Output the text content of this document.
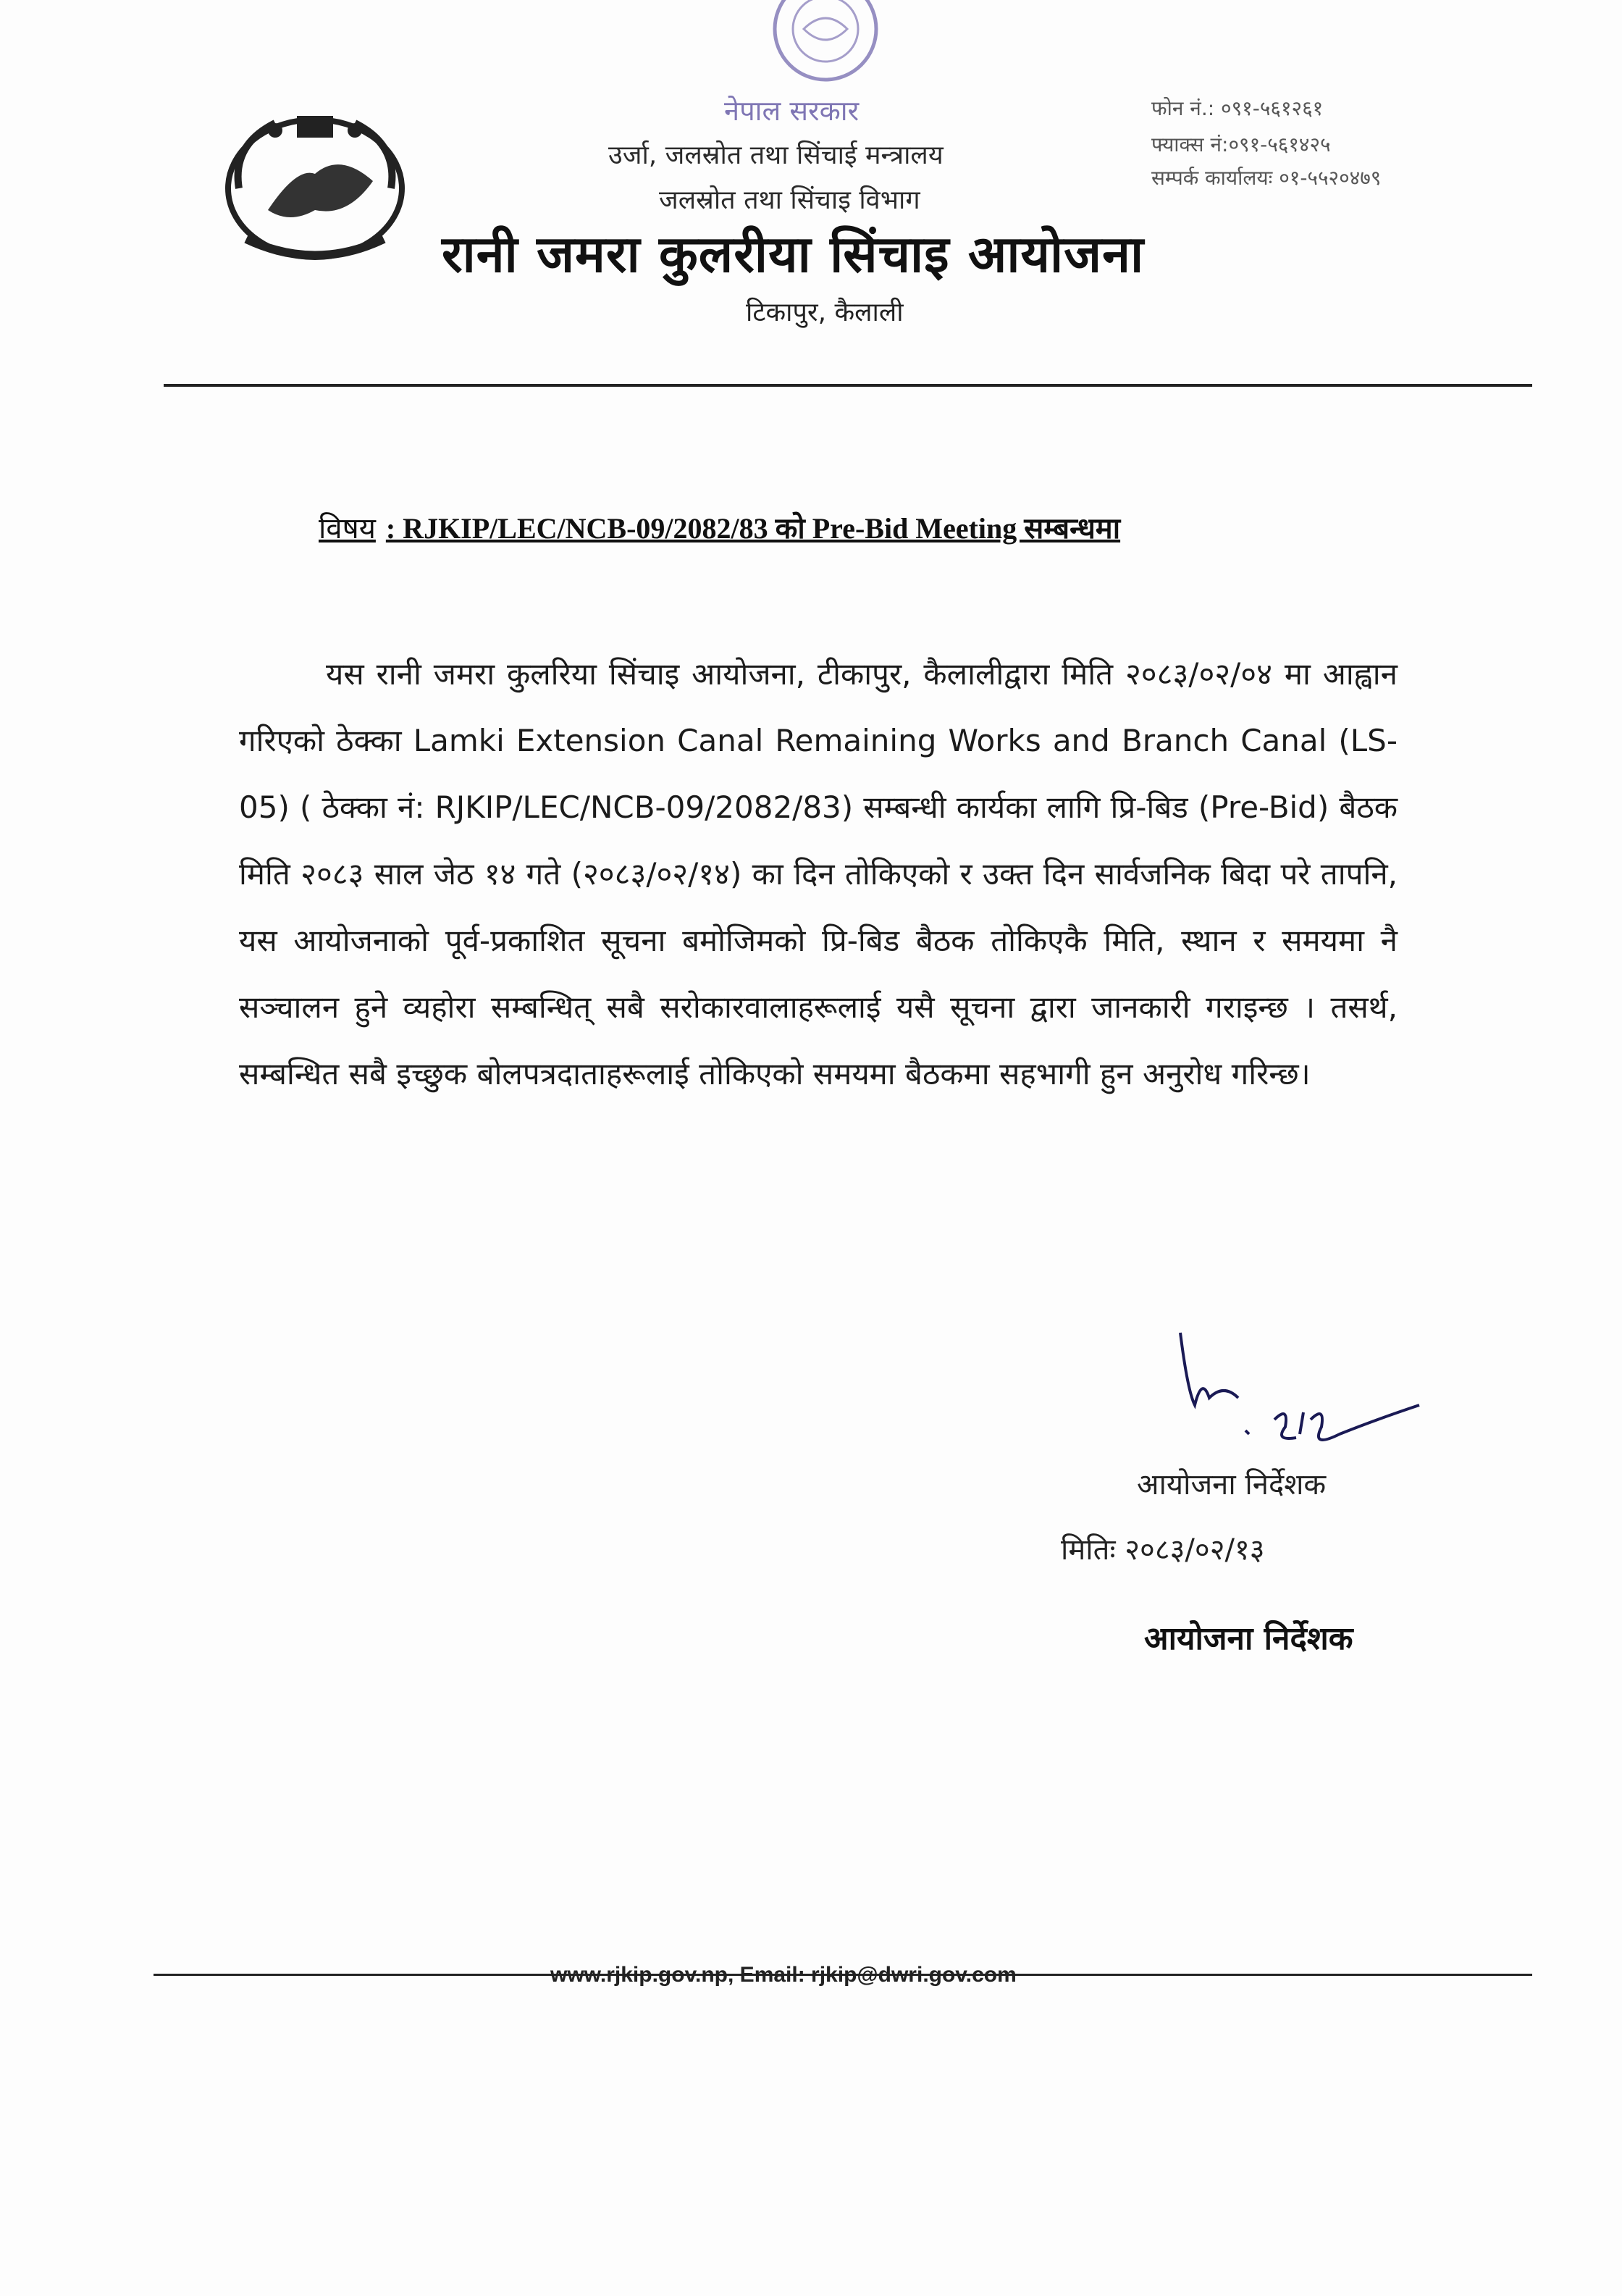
नेपाल सरकार
उर्जा, जलस्रोत तथा सिंचाई मन्त्रालय
जलस्रोत तथा सिंचाइ विभाग
रानी जमरा कुलरीया सिंचाइ आयोजना
टिकापुर, कैलाली
फोन नं.: ०९१-५६१२६१
फ्याक्स नं:०९१-५६१४२५
सम्पर्क कार्यालयः ०१-५५२०४७९
विषय : RJKIP/LEC/NCB-09/2082/83 को Pre-Bid Meeting सम्बन्धमा
यस रानी जमरा कुलरिया सिंचाइ आयोजना, टीकापुर, कैलालीद्वारा मिति २०८३/०२/०४ मा आह्वान गरिएको ठेक्का Lamki Extension Canal Remaining Works and Branch Canal (LS-05) ( ठेक्का नं: RJKIP/LEC/NCB-09/2082/83) सम्बन्धी कार्यका लागि प्रि-बिड (Pre-Bid) बैठक मिति २०८३ साल जेठ १४ गते (२०८३/०२/१४) का दिन तोकिएको र उक्त दिन सार्वजनिक बिदा परे तापनि, यस आयोजनाको पूर्व-प्रकाशित सूचना बमोजिमको प्रि-बिड बैठक तोकिएकै मिति, स्थान र समयमा नै सञ्चालन हुने व्यहोरा सम्बन्धित् सबै सरोकारवालाहरूलाई यसै सूचना द्वारा जानकारी गराइन्छ । तसर्थ, सम्बन्धित सबै इच्छुक बोलपत्रदाताहरूलाई तोकिएको समयमा बैठकमा सहभागी हुन अनुरोध गरिन्छ।
आयोजना निर्देशक
मितिः २०८३/०२/१३
आयोजना निर्देशक
www.rjkip.gov.np, Email: rjkip@dwri.gov.com
